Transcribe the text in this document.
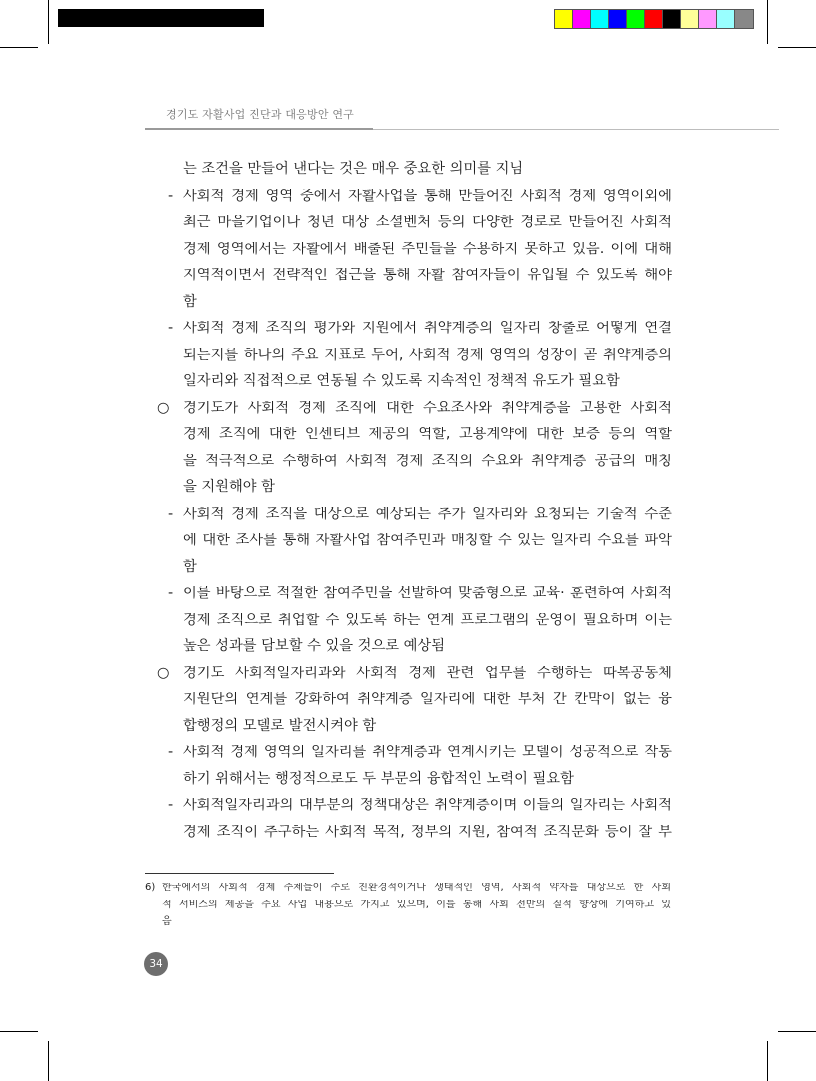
경기도 자활사업 진단과 대응방안 연구
는 조건을 만들어 낸다는 것은 매우 중요한 의미를 지님
- 사회적 경제 영역 중에서 자활사업을 통해 만들어진 사회적 경제 영역이외에
최근 마을기업이나 청년 대상 소셜벤처 등의 다양한 경로로 만들어진 사회적
경제 영역에서는 자활에서 배출된 주민들을 수용하지 못하고 있음. 이에 대해
지역적이면서 전략적인 접근을 통해 자활 참여자들이 유입될 수 있도록 해야
함
- 사회적 경제 조직의 평가와 지원에서 취약계층의 일자리 창출로 어떻게 연결
되는지를 하나의 주요 지표로 두어, 사회적 경제 영역의 성장이 곧 취약계층의
일자리와 직접적으로 연동될 수 있도록 지속적인 정책적 유도가 필요함
○ 경기도가 사회적 경제 조직에 대한 수요조사와 취약계층을 고용한 사회적
경제 조직에 대한 인센티브 제공의 역할, 고용계약에 대한 보증 등의 역할
을 적극적으로 수행하여 사회적 경제 조직의 수요와 취약계층 공급의 매칭
을 지원해야 함
- 사회적 경제 조직을 대상으로 예상되는 추가 일자리와 요청되는 기술적 수준
에 대한 조사를 통해 자활사업 참여주민과 매칭할 수 있는 일자리 수요를 파악
함
- 이를 바탕으로 적절한 참여주민을 선발하여 맞춤형으로 교육· 훈련하여 사회적
경제 조직으로 취업할 수 있도록 하는 연계 프로그램의 운영이 필요하며 이는
높은 성과를 담보할 수 있을 것으로 예상됨
○ 경기도 사회적일자리과와 사회적 경제 관련 업무를 수행하는 따복공동체
지원단의 연계를 강화하여 취약계층 일자리에 대한 부처 간 칸막이 없는 융
합행정의 모델로 발전시켜야 함
- 사회적 경제 영역의 일자리를 취약계층과 연계시키는 모델이 성공적으로 작동
하기 위해서는 행정적으로도 두 부문의 융합적인 노력이 필요함
- 사회적일자리과의 대부분의 정책대상은 취약계층이며 이들의 일자리는 사회적
경제 조직이 추구하는 사회적 목적, 정부의 지원, 참여적 조직문화 등이 잘 부
6) 한국에서의 사회적 경제 주체들이 주로 친환경적이거나 생태적인 영역, 사회적 약자를 대상으로 한 사회
적 서비스의 제공을 주요 사업 내용으로 가지고 있으며, 이를 통해 사회 전반의 질적 향상에 기여하고 있
음
34
